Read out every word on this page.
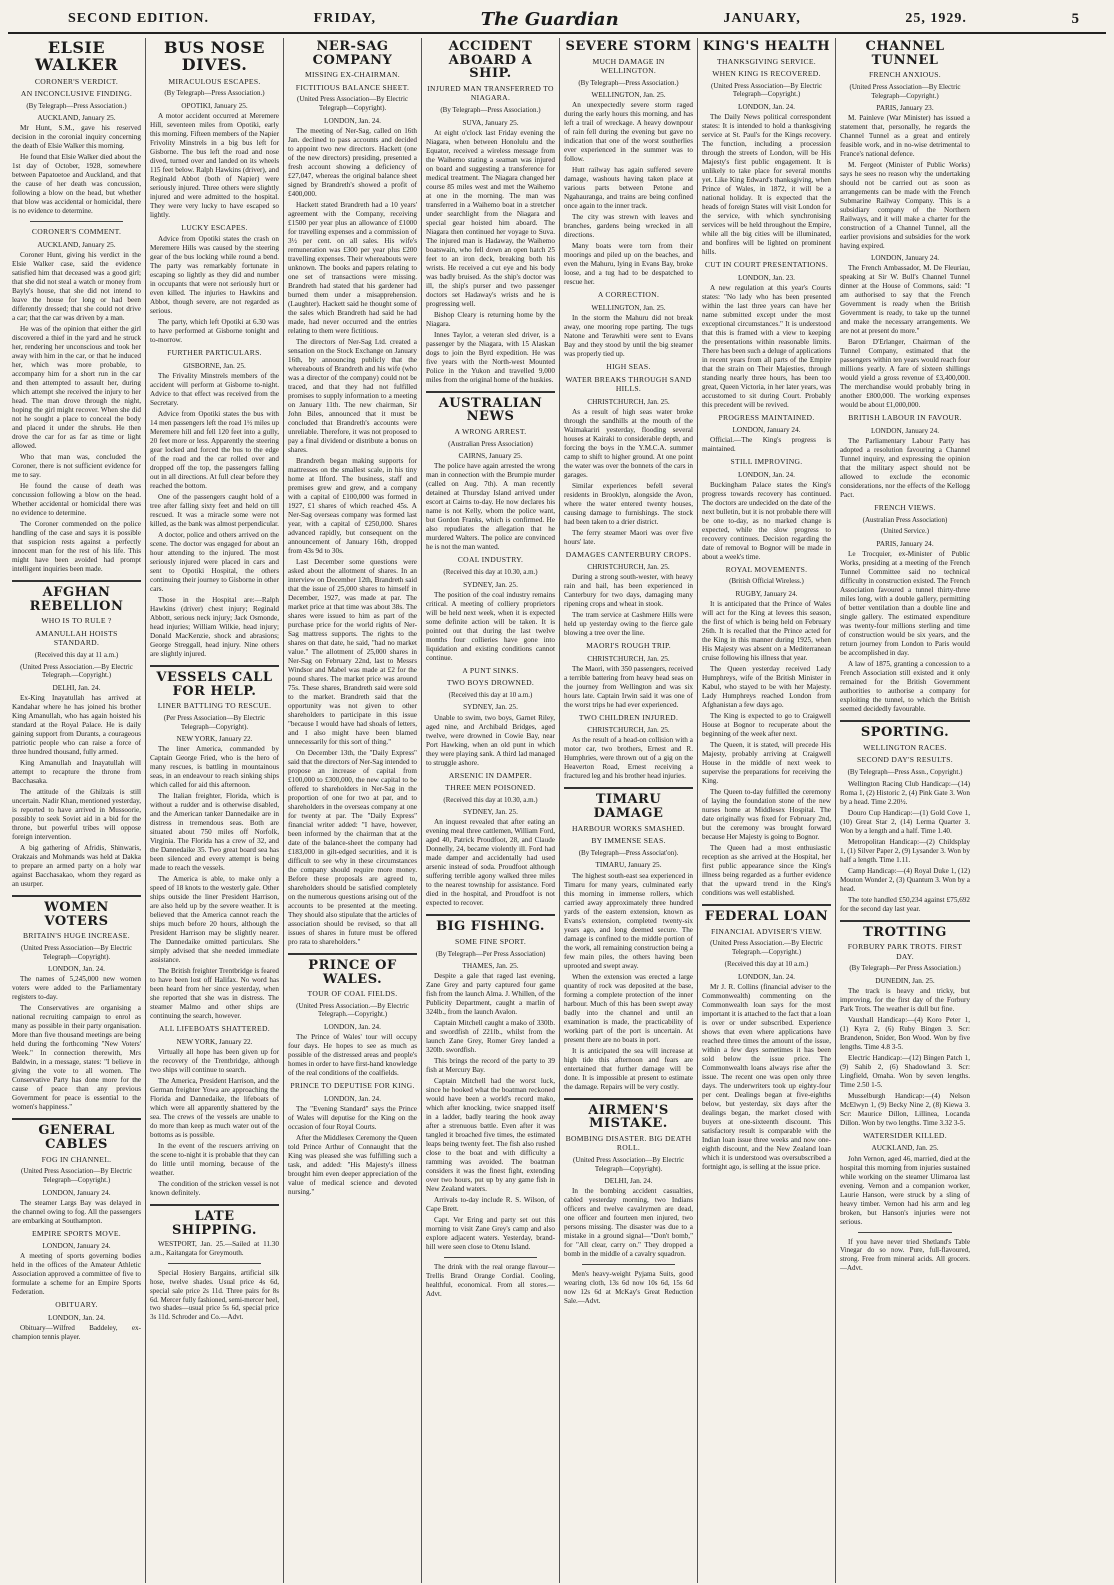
SECOND EDITION.	FRIDAY,	The Guardian	JANUARY,	25, 1929.	5
ELSIE WALKER
CORONER'S VERDICT.
AN INCONCLUSIVE FINDING.
(By Telegraph—Press Association.)
AUCKLAND, January 25.

Mr Hunt, S.M., gave his reserved decision in the coronial inquiry concerning the death of Elsie Walker this morning.

He found that Elsie Walker died about the 1st day of October, 1928, somewhere between Papatoetoe and Auckland, and that the cause of her death was concussion, following a blow on the head, but whether that blow was accidental or homicidal, there is no evidence to determine.

CORONER'S COMMENT.
AUCKLAND, January 25.

Coroner Hunt, giving his verdict in the Elsie Walker case, said the evidence satisfied him that deceased was a good girl; that she did not steal a watch or money from Bayly's house, that she did not intend to leave the house for long or had been differently dressed; that she could not drive a car; that the car was driven by a man.

He was of the opinion that either the girl discovered a thief in the yard and he struck her, rendering her unconscious and took her away with him in the car, or that he induced her, which was more probable, to accompany him for a short run in the car and then attempted to assault her, during which attempt she received the injury to her head. The man drove through the night, hoping the girl might recover. When she did not he sought a place to conceal the body and placed it under the shrubs. He then drove the car for as far as time or light allowed.

Who that man was, concluded the Coroner, there is not sufficient evidence for me to say.

He found the cause of death was concussion following a blow on the head. Whether accidental or homicidal there was no evidence to determine.

The Coroner commended on the police handling of the case and says it is possible that suspicion rests against a perfectly innocent man for the rest of his life. This might have been avoided had prompt intelligent inquiries been made.

AFGHAN REBELLION
WHO IS TO RULE ?
AMANULLAH HOISTS STANDARD.
(Received this day at 11 a.m.)
(United Press Association.—By Electric Telegraph.—Copyright.)
DELHI, Jan. 24.

Ex-King Inayatullah has arrived at Kandahar where he has joined his brother King Amanullah, who has again hoisted his standard at the Royal Palace. He is daily gaining support from Durants, a courageous patriotic people who can raise a force of three hundred thousand, fully armed.

King Amanullah and Inayatullah will attempt to recapture the throne from Bacchasaka.

The attitude of the Ghilzais is still uncertain. Nadir Khan, mentioned yesterday, is reported to have arrived in Mussoorie, possibly to seek Soviet aid in a bid for the throne, but powerful tribes will oppose foreign intervention.

A big gathering of Afridis, Shinwaris, Orakzais and Mohmands was held at Dakka to prepare an armed party on a holy war against Bacchasakao, whom they regard as an usurper.

WOMEN VOTERS
BRITAIN'S HUGE INCREASE.
(United Press Association—By Electric Telegraph—Copyright).
LONDON, Jan. 24.

The names of 5,245,000 new women voters were added to the Parliamentary registers to-day.

The Conservatives are organising a national recruiting campaign to enrol as many as possible in their party organisation. More than five thousand meetings are being held during the forthcoming "New Voters' Week." In connection therewith, Mrs Baldwin, in a message, states: "I believe in giving the vote to all women. The Conservative Party has done more for the cause of peace than any previous Government for peace is essential to the women's happiness."

GENERAL CABLES
FOG IN CHANNEL.
(United Press Association—By Electric Telegraph—Copyright.)
LONDON, January 24.

The steamer Largs Bay was delayed in the channel owing to fog. All the passengers are embarking at Southampton.

EMPIRE SPORTS MOVE.
LONDON, January 24.

A meeting of sports governing bodies held in the offices of the Amateur Athletic Association approved a committee of five to formulate a scheme for an Empire Sports Federation.

OBITUARY.
LONDON, Jan. 24.

Obituary—Wilfred Baddeley, ex-champion tennis player.

BUS NOSE DIVES.
MIRACULOUS ESCAPES.
(By Telegraph—Press Association.)
OPOTIKI, January 25.

A motor accident occurred at Meremere Hill, seventeen miles from Opotiki, early this morning. Fifteen members of the Napier Frivolity Minstrels in a big bus left for Gisborne. The bus left the road and nose dived, turned over and landed on its wheels 115 feet below. Ralph Hawkins (driver), and Reginald Abbot (both of Napier) were seriously injured. Three others were slightly injured and were admitted to the hospital. They were very lucky to have escaped so lightly.

LUCKY ESCAPES.

Advice from Opotiki states the crash on Meremere Hills was caused by the steering gear of the bus locking while round a bend. The party was remarkably fortunate in escaping so lightly as they did and number in occupants that were not seriously hurt or even killed. The injuries to Hawkins and Abbot, though severe, are not regarded as serious.

The party, which left Opotiki at 6.30 was to have performed at Gisborne tonight and to-morrow.

FURTHER PARTICULARS.
GISBORNE, Jan. 25.

The Frivality Minstrels members of the accident will perform at Gisborne to-night. Advice to that effect was received from the Secretary.

Advice from Opotiki states the bus with 14 men passengers left the road 1½ miles up Meremere hill and fell 120 feet into a gully, 20 feet more or less. Apparently the steering gear locked and forced the bus to the edge of the road and the car rolled over and dropped off the top, the passengers falling out in all directions. At full clear before they reached the bottom.

One of the passengers caught hold of a tree after falling sixty feet and held on till rescued. It was a miracle some were not killed, as the bank was almost perpendicular.

A doctor, police and others arrived on the scene. The doctor was engaged for about an hour attending to the injured. The most seriously injured were placed in cars and sent to Opotiki Hospital, the others continuing their journey to Gisborne in other cars.

Those in the Hospital are:—Ralph Hawkins (driver) chest injury; Reginald Abbott, serious neck injury; Jack Osmonde, head injuries; William Wilkie, head injury; Donald MacKenzie, shock and abrasions; George Streggall, head injury. Nine others are slightly injured.

VESSELS CALL FOR HELP.
LINER BATTLING TO RESCUE.
(Per Press Association—By Electric Telegraph—Copyright).
NEW YORK, January 22.

The liner America, commanded by Captain George Fried, who is the hero of many rescues, is battling in mountainous seas, in an endeavour to reach sinking ships which called for aid this afternoon.

The Italian freighter, Florida, which is without a rudder and is otherwise disabled, and the American tanker Dannedaike are in distress in tremendous seas. Both are situated about 750 miles off Norfolk, Virginia. The Florida has a crew of 32, and the Dannedaike 35. Two great board sea has been silenced and every attempt is being made to reach the vessels.

The America is able, to make only a speed of 18 knots to the westerly gale. Other ships outside the liner President Harrison, are also held up by the severe weather. It is believed that the America cannot reach the ships much before 20 hours, although the President Harrison may be slightly nearer. The Dannedaike omitted particulars. She simply advised that she needed immediate assistance.

The British freighter Trentbridge is feared to have been lost off Halifax. No word has been heard from her since yesterday, when she reported that she was in distress. The steamer Malmo and other ships are continuing the search, however.

ALL LIFEBOATS SHATTERED.
NEW YORK, January 22.

Virtually all hope has been given up for the recovery of the Trentbridge, although two ships will continue to search.

The America, President Harrison, and the German freighter Yowa are approaching the Florida and Dannedaike, the lifeboats of which were all apparently shattered by the sea. The crews of the vessels are unable to do more than keep as much water out of the bottoms as is possible.

In the event of the rescuers arriving on the scene to-night it is probable that they can do little until morning, because of the weather.

The condition of the stricken vessel is not known definitely.

LATE SHIPPING.

WESTPORT, Jan. 25.—Sailed at 11.30 a.m., Kaitangata for Greymouth.

Special Hosiery Bargains, artificial silk hose, twelve shades. Usual price 4s 6d, special sale price 2s 11d. Three pairs for 8s 6d. Mercer fully fashioned, semi-mercer heel, two shades—usual price 5s 6d, special price 3s 11d. Schroder and Co.—Advt.

NER-SAG COMPANY
MISSING EX-CHAIRMAN.
FICTITIOUS BALANCE SHEET.
(United Press Association—By Electric Telegraph—Copyright).
LONDON, Jan. 24.

The meeting of Ner-Sag, called on 16th Jan. declined to pass accounts and decided to appoint two new directors. Hackett (one of the new directors) presiding, presented a fresh account showing a deficiency of £27,047, whereas the original balance sheet signed by Brandreth's showed a profit of £400,000.

Hackett stated Brandreth had a 10 years' agreement with the Company, receiving £1500 per year plus an allowance of £1000 for travelling expenses and a commission of 3½ per cent. on all sales. His wife's remuneration was £300 per year plus £200 travelling expenses. Their whereabouts were unknown. The books and papers relating to one set of transactions were missing. Brandreth had stated that his gardener had burned them under a misapprehension. (Laughter). Hackett said he thought some of the sales which Brandreth had said he had made, had never occurred and the entries relating to them were fictitious.

The directors of Ner-Sag Ltd. created a sensation on the Stock Exchange on January 16th, by announcing publicly that the whereabouts of Brandreth and his wife (who was a director of the company) could not be traced, and that they had not fulfilled promises to supply information to a meeting on January 11th. The new chairman, Sir John Biles, announced that it must be concluded that Brandreth's accounts were unreliable. Therefore, it was not proposed to pay a final dividend or distribute a bonus on shares.

Brandreth began making supports for mattresses on the smallest scale, in his tiny home at Ilford. The business, staff and premises grew and grew, and a company with a capital of £100,000 was formed in 1927, £1 shares of which reached 45s. A Ner-Sag overseas company was formed last year, with a capital of £250,000. Shares advanced rapidly, but consequent on the announcement of January 16th, dropped from 43s 9d to 30s.

Last December some questions were asked about the allotment of shares. In an interview on December 12th, Brandreth said that the issue of 25,000 shares to himself in December, 1927, was made at par. The market price at that time was about 38s. The shares were issued to him as part of the purchase price for the world rights of Ner-Sag mattress supports. The rights to the shares on that date, he said, "had no market value." The allotment of 25,000 shares in Ner-Sag on February 22nd, last to Messrs Windsor and Mabel was made at £2 for the pound shares. The market price was around 75s. These shares, Brandreth said were sold to the market. Brandreth said that the opportunity was not given to other shareholders to participate in this issue "because I would have had shoals of letters, and I also might have been blamed unnecessarily for this sort of thing."

On December 13th, the "Daily Express" said that the directors of Ner-Sag intended to propose an increase of capital from £100,000 to £300,000, the new capital to be offered to shareholders in Ner-Sag in the proportion of one for two at par, and to shareholders in the overseas company at one for twenty at par. The "Daily Express" financial writer added: "I have, however, been informed by the chairman that at the date of the balance-sheet the company had £183,000 in gilt-edged securities, and it is difficult to see why in these circumstances the company should require more money. Before these proposals are agreed to, shareholders should be satisfied completely on the numerous questions arising out of the accounts to be presented at the meeting. They should also stipulate that the articles of association should be revised, so that all issues of shares in future must be offered pro rata to shareholders."

PRINCE OF WALES.
TOUR OF COAL FIELDS.
(United Press Association.—By Electric Telegraph.—Copyright.)
LONDON, Jan. 24.

The Prince of Wales' tour will occupy four days. He hopes to see as much as possible of the distressed areas and people's homes in order to have first-hand knowledge of the real conditions of the coalfields.

PRINCE TO DEPUTISE FOR KING.
LONDON, Jan. 24.

The "Evening Standard" says the Prince of Wales will deputise for the King on the occasion of four Royal Courts.

After the Middlesex Ceremony the Queen told Prince Arthur of Connaught that the King was pleased she was fulfilling such a task, and added: "His Majesty's illness brought him even deeper appreciation of the value of medical science and devoted nursing."

ACCIDENT ABOARD A SHIP.
INJURED MAN TRANSFERRED TO NIAGARA.
(By Telegraph—Press Association.)
SUVA, January 25.

At eight o'clock last Friday evening the Niagara, when between Honolulu and the Equator, received a wireless message from the Waihemo stating a seaman was injured on board and suggesting a transference for medical treatment. The Niagara changed her course 85 miles west and met the Waihemo at one in the morning. The man was transferred in a Waihemo boat in a stretcher under searchlight from the Niagara and special gear hoisted him aboard. The Niagara then continued her voyage to Suva. The injured man is Hadaway, the Waihemo boatswain, who fell down an open hatch 25 feet to an iron deck, breaking both his wrists. He received a cut eye and his body was badly bruised. As the ship's doctor was ill, the ship's purser and two passenger doctors set Hadaway's wrists and he is progressing well.

Bishop Cleary is returning home by the Niagara.

Innes Taylor, a veteran sled driver, is a passenger by the Niagara, with 15 Alaskan dogs to join the Byrd expedition. He was five years with the North-west Mounted Police in the Yukon and travelled 9,000 miles from the original home of the huskies.

AUSTRALIAN NEWS
A WRONG ARREST.
(Australian Press Association)
CAIRNS, January 25.

The police have again arrested the wrong man in connection with the Brumpie murder (called on Aug. 7th). A man recently detained at Thursday Island arrived under escort at Cairns to-day. He now declares his name is not Kelly, whom the police want, but Gordon Franks, which is confirmed. He also repudiates the allegation that he murdered Walters. The police are convinced he is not the man wanted.

COAL INDUSTRY.
(Received this day at 10.30, a.m.)
SYDNEY, Jan. 25.

The position of the coal industry remains critical. A meeting of colliery proprietors will be held next week, when it is expected some definite action will be taken. It is pointed out that during the last twelve months four collieries have gone into liquidation and existing conditions cannot continue.

A PUNT SINKS.
TWO BOYS DROWNED.
(Received this day at 10 a.m.)
SYDNEY, Jan. 25.

Unable to swim, two boys, Garnet Riley, aged nine, and Archibald Bridges, aged twelve, were drowned in Cowie Bay, near Port Hawking, when an old punt in which they were playing sank. A third lad managed to struggle ashore.

ARSENIC IN DAMPER.
THREE MEN POISONED.
(Received this day at 10.30, a.m.)
SYDNEY, Jan. 25.

An inquest revealed that after eating an evening meal three cattlemen, William Ford, aged 40, Patrick Proudfoot, 28, and Claude Donnelly, 24, became violently ill. Ford had made damper and accidentally had used arsenic instead of soda. Proudfoot although suffering terrible agony walked three miles to the nearest township for assistance. Ford died in the hospital, and Proudfoot is not expected to recover.

BIG FISHING.
SOME FINE SPORT.
(By Telegraph—Per Press Association)
THAMES, Jan. 25.

Despite a gale that raged last evening, Zane Grey and party captured four game fish from the launch Alma. J. Whillen, of the Publicity Department, caught a marlin of 324lb., from the launch Avalon.

Captain Mitchell caught a mako of 330lb. and swordfish of 221lb., whilst from the launch Zane Grey, Romer Grey landed a 320lb. swordfish.

This brings the record of the party to 39 fish at Mercury Bay.

Captain Mitchell had the worst luck, since he hooked what the boatman reckoned would have been a world's record mako, which after knocking, twice snapped itself in a ladder, badly tearing the hook away after a strenuous battle. Even after it was tangled it broached five times, the estimated leaps being twenty feet. The fish also rushed close to the boat and with difficulty a ramming was avoided. The boatman considers it was the finest fight, extending over two hours, put up by any game fish in New Zealand waters.

Arrivals to-day include R. S. Wilson, of Cape Brett.

Capt. Ver Ering and party set out this morning to visit Zane Grey's camp and also explore adjacent waters. Yesterday, brand-hill were seen close to Otenu Island.

The drink with the real orange flavour—Trellis Brand Orange Cordial. Cooling, healthful, economical. From all stores.—Advt.

SEVERE STORM
MUCH DAMAGE IN WELLINGTON.
(By Telegraph—Press Association.)
WELLINGTON, Jan. 25.

An unexpectedly severe storm raged during the early hours this morning, and has left a trail of wreckage. A heavy downpour of rain fell during the evening but gave no indication that one of the worst southerlies ever experienced in the summer was to follow.

Hutt railway has again suffered severe damage, washouts having taken place at various parts between Petone and Ngahauranga, and trains are being confined once again to the inner track.

The city was strewn with leaves and branches, gardens being wrecked in all directions.

Many boats were torn from their moorings and piled up on the beaches, and even the Mahuru, lying in Evans Bay, broke loose, and a tug had to be despatched to rescue her.

A CORRECTION.
WELLINGTON, Jan. 25.

In the storm the Mahuru did not break away, one mooring rope parting. The tugs Natone and Terawhiti were sent to Evans Bay and they stood by until the big steamer was properly tied up.

HIGH SEAS.
WATER BREAKS THROUGH SAND HILLS.
CHRISTCHURCH, Jan. 25.

As a result of high seas water broke through the sandhills at the mouth of the Waimakariri yesterday, flooding several houses at Kairaki to considerable depth, and forcing the boys in the Y.M.C.A. summer camp to shift to higher ground. At one point the water was over the bonnets of the cars in garages.

Similar experiences befell several residents in Brooklyn, alongside the Avon, where the water entered twenty houses, causing damage to furnishings. The stock had been taken to a drier district.

The ferry steamer Maori was over five hours' late.

DAMAGES CANTERBURY CROPS.
CHRISTCHURCH, Jan. 25.

During a strong south-wester, with heavy rain and hail, has been experienced in Canterbury for two days, damaging many ripening crops and wheat in stook.

The tram service at Cashmere Hills were held up yesterday owing to the fierce gale blowing a tree over the line.

MAORI'S ROUGH TRIP.
CHRISTCHURCH, Jan. 25.

The Maori, with 350 passengers, received a terrible battering from heavy head seas on the journey from Wellington and was six hours late. Captain Irwin said it was one of the worst trips he had ever experienced.

TWO CHILDREN INJURED.
CHRISTCHURCH, Jan. 25.

As the result of a head-on collision with a motor car, two brothers, Ernest and R. Humphries, were thrown out of a gig on the Heaverton Road, Ernest receiving a fractured leg and his brother head injuries.

TIMARU DAMAGE
HARBOUR WORKS SMASHED.
BY IMMENSE SEAS.
(By Telegraph—Press Associat'on).
TIMARU, January 25.

The highest south-east sea experienced in Timaru for many years, culminated early this morning in immense rollers, which carried away approximately three hundred yards of the eastern extension, known as Evans's extension, completed twenty-six years ago, and long deemed secure. The damage is confined to the middle portion of the work, all remaining construction being a few main piles, the others having been uprooted and swept away.

When the extension was erected a large quantity of rock was deposited at the base, forming a complete protection of the inner harbour. Much of this has been swept away badly into the channel and until an examination is made, the practicability of working part of the port is uncertain. At present there are no boats in port.

It is anticipated the sea will increase at high tide this afternoon and fears are entertained that further damage will be done. It is impossible at present to estimate the damage. Repairs will be very costly.

AIRMEN'S MISTAKE.
BOMBING DISASTER. BIG DEATH ROLL.
(United Press Association—By Electric Telegraph—Copyright).
DELHI, Jan. 24.

In the bombing accident casualties, cabled yesterday morning, two Indians officers and twelve cavalrymen are dead, one officer and fourteen men injured, two persons missing. The disaster was due to a mistake in a ground signal—"Don't bomb," for "All clear, carry on." They dropped a bomb in the middle of a cavalry squadron.

Men's heavy-weight Pyjama Suits, good wearing cloth, 13s 6d now 10s 6d, 15s 6d now 12s 6d at McKay's Great Reduction Sale.—Advt.

KING'S HEALTH
THANKSGIVING SERVICE.
WHEN KING IS RECOVERED.
(United Press Association—By Electric Telegraph—Copyright.)
LONDON, Jan. 24.

The Daily News political correspondent states: It is intended to hold a thanksgiving service at St. Paul's for the Kings recovery. The function, including a procession through the streets of London, will be His Majesty's first public engagement. It is unlikely to take place for several months yet. Like King Edward's thanksgiving, when Prince of Wales, in 1872, it will be a national holiday. It is expected that the heads of foreign States will visit London for the service, with which synchronising services will be held throughout the Empire, while all the big cities will be illuminated, and bonfires will be lighted on prominent hills.

CUT IN COURT PRESENTATIONS.
LONDON, Jan. 23.

A new regulation at this year's Courts states: "No lady who has been presented within the last three years can have her name submitted except under the most exceptional circumstances." It is understood that this is framed with a view to keeping the presentations within reasonable limits. There has been such a deluge of applications in recent years from all parts of the Empire that the strain on Their Majesties, through standing nearly three hours, has been too great, Queen Victoria, in her later years, was accustomed to sit during Court. Probably this precedent will be revived.

PROGRESS MAINTAINED.
LONDON, January 24.

Official.—The King's progress is maintained.

STILL IMPROVING.
LONDON, Jan. 24.

Buckingham Palace states the King's progress towards recovery has continued. The doctors are undecided on the date of the next bulletin, but it is not probable there will be one to-day, as no marked change is expected, while the slow progress to recovery continues. Decision regarding the date of removal to Bognor will be made in about a week's time.

ROYAL MOVEMENTS.
(British Official Wireless.)
RUGBY, January 24.

It is anticipated that the Prince of Wales will act for the King at levees this season, the first of which is being held on February 26th. It is recalled that the Prince acted for the King in this manner during 1925, when His Majesty was absent on a Mediterranean cruise following his illness that year.

The Queen yesterday received Lady Humphreys, wife of the British Minister in Kabul, who stayed to be with her Majesty. Lady Humphreys reached London from Afghanistan a few days ago.

The King is expected to go to Craigwell House at Bognor to recuperate about the beginning of the week after next.

The Queen, it is stated, will precede His Majesty, probably arriving at Craigwell House in the middle of next week to supervise the preparations for receiving the King.

The Queen to-day fulfilled the ceremony of laying the foundation stone of the new nurses home at Middlesex Hospital. The date originally was fixed for February 2nd, but the ceremony was brought forward because Her Majesty is going to Bognor.

The Queen had a most enthusiastic reception as she arrived at the Hospital, her first public appearance since the King's illness being regarded as a further evidence that the upward trend in the King's conditions was well established.

FEDERAL LOAN
FINANCIAL ADVISER'S VIEW.
(United Press Association.—By Electric Telegraph.—Copyright.)
(Received this day at 10 a.m.)
LONDON, Jan. 24.

Mr J. R. Collins (financial adviser to the Commonwealth) commenting on the Commonwealth loan says for the most important it is attached to the fact that a loan is over or under subscribed. Experience shows that even where applications have reached three times the amount of the issue, within a few days sometimes it has been sold below the issue price. The Commonwealth loans always rise after the issue. The recent one was open only three days. The underwriters took up eighty-four per cent. Dealings began at five-eighths below, but yesterday, six days after the dealings began, the market closed with buyers at one-sixteenth discount. This satisfactory result is comparable with the Indian loan issue three weeks and now one-eighth discount, and the New Zealand loan which it is understood was oversubscribed a fortnight ago, is selling at the issue price.

CHANNEL TUNNEL
FRENCH ANXIOUS.
(United Press Association—By Electric Telegraph—Copyright.)
PARIS, January 23.

M. Painleve (War Minister) has issued a statement that, personally, he regards the Channel Tunnel as a great and entirely feasible work, and in no-wise detrimental to France's national defence.

M. Fergeot (Minister of Public Works) says he sees no reason why the undertaking should not be carried out as soon as arrangements can be made with the French Submarine Railway Company. This is a subsidiary company of the Northern Railways, and it will make a charter for the construction of a Channel Tunnel, all the earlier provisions and subsidies for the work having expired.

LONDON, January 24.

The French Ambassador, M. De Fleuriau, speaking at Sir W. Bull's Channel Tunnel dinner at the House of Commons, said: "I am authorised to say that the French Government is ready when the British Government is ready, to take up the tunnel and make the necessary arrangements. We are not at present do more."

Baron D'Erlanger, Chairman of the Tunnel Company, estimated that the passengers within ten years would reach four millions yearly. A fare of sixteen shillings would yield a gross revenue of £3,400,000. The merchandise would probably bring in another £800,000. The working expenses would be about £1,000,000.

BRITISH LABOUR IN FAVOUR.
LONDON, January 24.

The Parliamentary Labour Party has adopted a resolution favouring a Channel Tunnel inquiry, and expressing the opinion that the military aspect should not be allowed to exclude the economic considerations, nor the effects of the Kellogg Pact.

FRENCH VIEWS.
(Australian Press Association)
(United Service.)
PARIS, January 24.

Le Trocquier, ex-Minister of Public Works, presiding at a meeting of the French Tunnel Committee said no technical difficulty in construction existed. The French Association favoured a tunnel thirty-three miles long, with a double gallery, permitting of better ventilation than a double line and single gallery. The estimated expenditure was twenty-four millions sterling and time of construction would be six years, and the return journey from London to Paris would be accomplished in day.

A law of 1875, granting a concession to a French Association still existed and it only remained for the British Government authorities to authorise a company for exploiting the tunnel, to which the British seemed decidedly favourable.

SPORTING.
WELLINGTON RACES.
SECOND DAY'S RESULTS.
(By Telegraph—Press Assn., Copyright.)

Wellington Racing Club Handicap:—(14) Roma 1, (2) Historic 2, (4) Pink Gate 3. Won by a head. Time 2.20½.

Douro Cup Handicap:—(1) Gold Cove 1, (10) Great Star 2, (14) Lerma Quarter 3. Won by a length and a half. Time 1.40.

Metropolitan Handicap:—(2) Childsplay 1, (1) Silver Paper 2, (9) Lysander 3. Won by half a length. Time 1.11.

Camp Handicap:—(4) Royal Duke 1, (12) Mouton Wonder 2, (3) Quantum 3. Won by a head.

The tote handled £50,234 against £75,692 for the second day last year.

TROTTING
FORBURY PARK TROTS. FIRST DAY.
(By Telegraph—Per Press Association.)
DUNEDIN, Jan. 25.

The track is heavy and tricky, but improving, for the first day of the Forbury Park Trots. The weather is dull but fine.

Vauxhall Handicap:—(4) Koro Peter 1, (1) Kyra 2, (6) Ruby Bingen 3. Scr: Brandenon, Snider, Bon Wood. Won by five lengths. Time 4.8 3-5.

Electric Handicap:—(12) Bingen Patch 1, (9) Sahib 2, (6) Shadowland 3. Scr: Lingfield, Omaha. Won by seven lengths. Time 2.50 1-5.

Musselburgh Handicap:—(4) Nelson McElwyn 1, (9) Becky Nine 2, (8) Kiewa 3. Scr: Maurice Dillon, Lillinea, Locanda Dillon. Won by two lengths. Time 3.32 3-5.

WATERSIDER KILLED.
AUCKLAND, Jan. 25.

John Vernon, aged 46, married, died at the hospital this morning from injuries sustained while working on the steamer Ulimaroa last evening. Vernon and a companion worker, Laurie Hanson, were struck by a sling of heavy timber. Vernon had his arm and leg broken, but Hanson's injuries were not serious.

If you have never tried Shetland's Table Vinegar do so now. Pure, full-flavoured, strong. Free from mineral acids. All grocers.—Advt.
